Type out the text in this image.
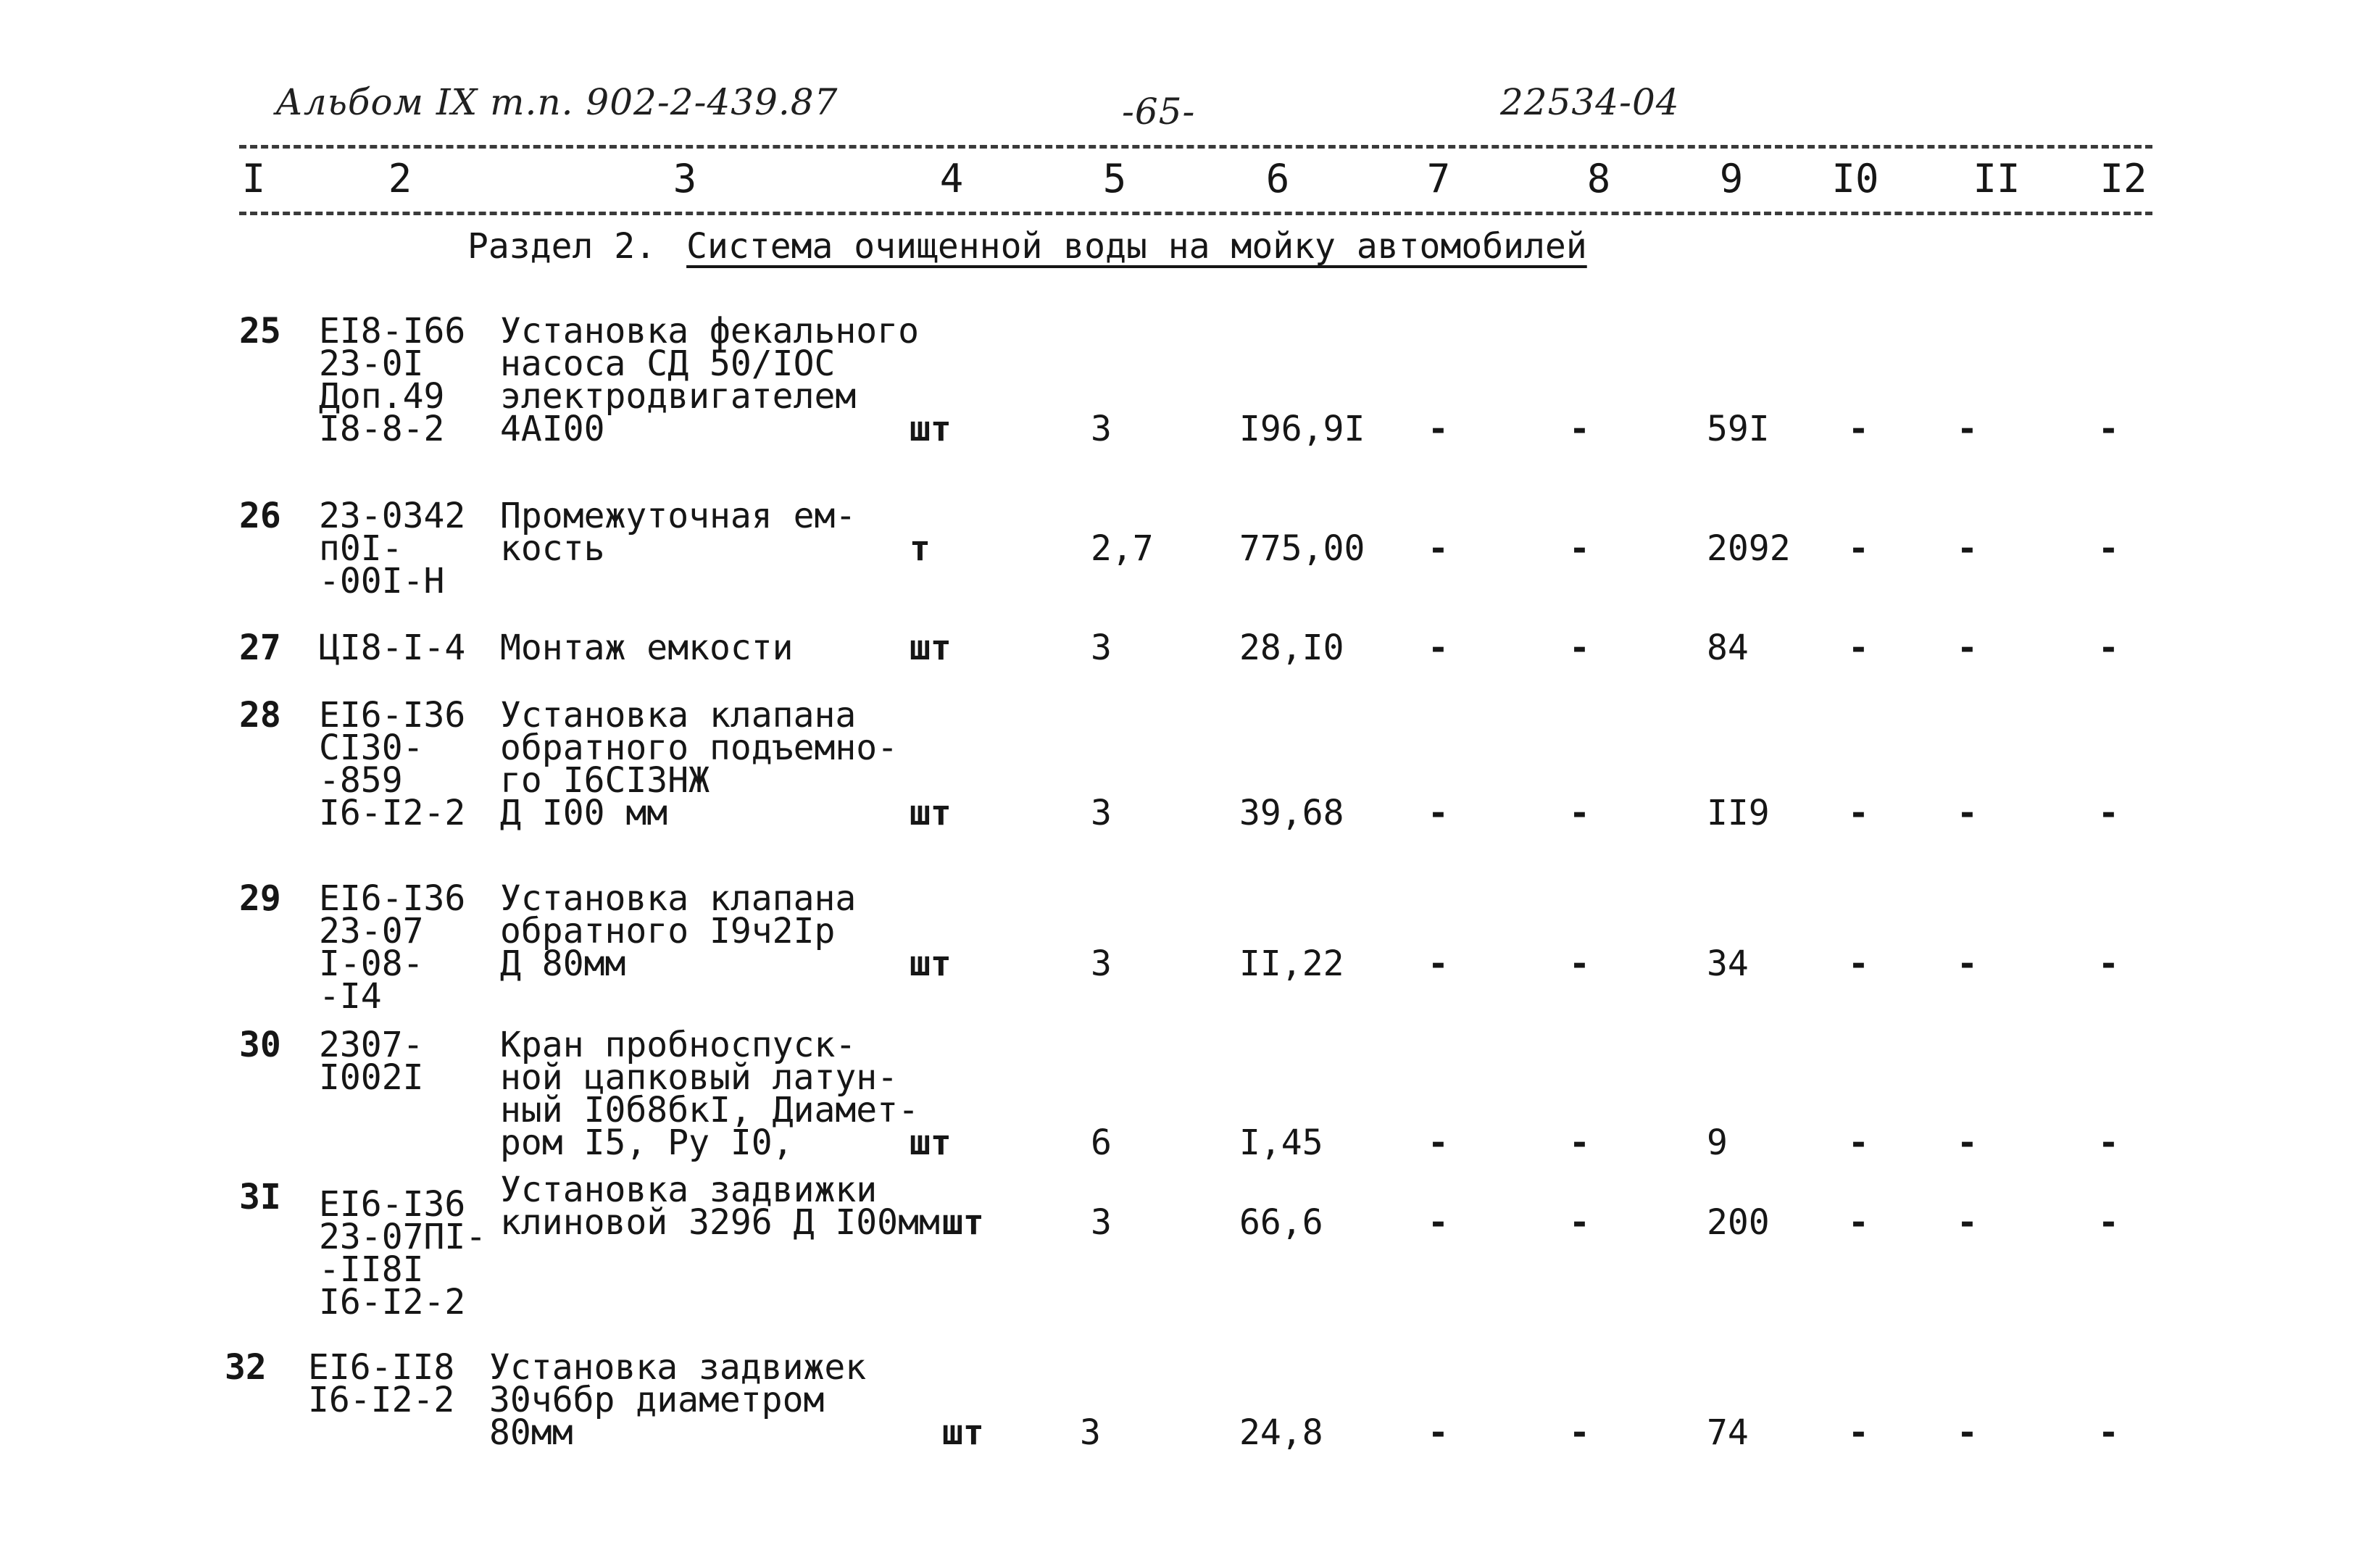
Альбом IX т.п. 902-2-439.87	-65-	22534-04
I	2	3	4	5	6	7	8	9 I0 II I2
Раздел 2. Система очищенной воды на мойку автомобилей
25 EI8-I66
23-0I
Доп.49
I8-8-2
Установка фекального
насоса СД 50/IOC
электродвигателем
4AI00	шт	3	I96,9I -	-	59I -	-	-
26 23-0342
п0I-
-00I-H
Промежуточная ем-
кость	т	2,7 775,00 -	-	2092 -	-	-
27 ЦI8-I-4 Монтаж емкости	шт	3	28,I0 -	-	84	-	-	-
28 EI6-I36
CI30-
-859
I6-I2-2
Установка клапана
обратного подъемно-
го I6CI3HЖ
Д I00 мм	шт	3	39,68 -	-	II9 -	-	-
29 EI6-I36
23-07
I-08-
-I4
Установка клапана
обратного I9ч2Iр
Д 80мм	шт	3	II,22 -	-	34	-	-	-
30 2307-
I002I
Кран пробноспуск-
ной цапковый латун-
ный I0б8бкI, Диамет-
ром I5, Ру I0,	шт	6	I,45	-	-	9	-	-	-
3I EI6-I36
23-07ПI-
-II8I
I6-I2-2
Установка задвижки
клиновой 3296 Д I00мм шт	3	66,6	-	-	200 -	-	-
32 EI6-II8
I6-I2-2
Установка задвижек
30ч6бр диаметром
80мм	шт	3	24,8	-	-	74	-	-	-
